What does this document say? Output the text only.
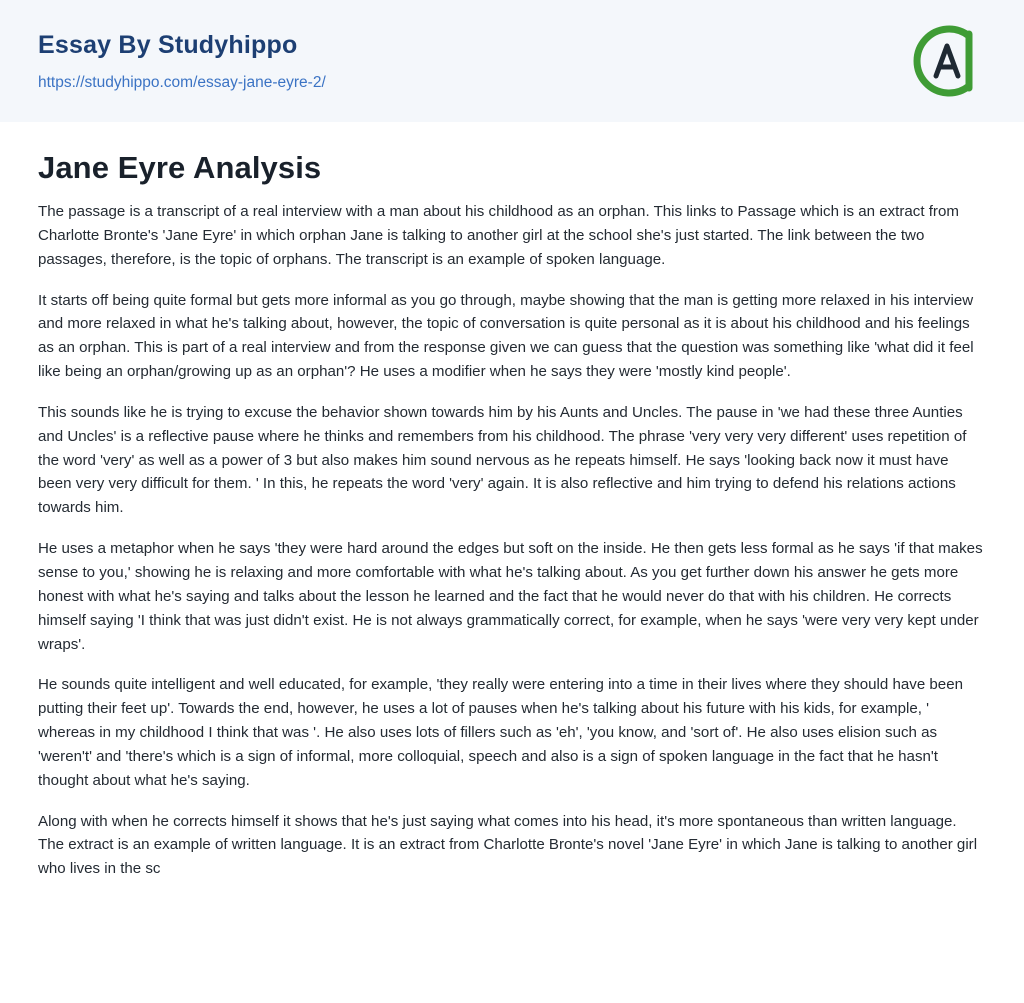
Essay By Studyhippo
https://studyhippo.com/essay-jane-eyre-2/
Jane Eyre Analysis

The passage is a transcript of a real interview with a man about his childhood as an orphan. This links to Passage which is an extract from Charlotte Bronte's 'Jane Eyre' in which orphan Jane is talking to another girl at the school she's just started. The link between the two passages, therefore, is the topic of orphans. The transcript is an example of spoken language.

It starts off being quite formal but gets more informal as you go through, maybe showing that the man is getting more relaxed in his interview and more relaxed in what he's talking about, however, the topic of conversation is quite personal as it is about his childhood and his feelings as an orphan. This is part of a real interview and from the response given we can guess that the question was something like 'what did it feel like being an orphan/growing up as an orphan'? He uses a modifier when he says they were 'mostly kind people'.

This sounds like he is trying to excuse the behavior shown towards him by his Aunts and Uncles. The pause in 'we had these three Aunties and Uncles' is a reflective pause where he thinks and remembers from his childhood. The phrase 'very very very different' uses repetition of the word 'very' as well as a power of 3 but also makes him sound nervous as he repeats himself. He says 'looking back now it must have been very very difficult for them. ' In this, he repeats the word 'very' again. It is also reflective and him trying to defend his relations actions towards him.

He uses a metaphor when he says 'they were hard around the edges but soft on the inside. He then gets less formal as he says 'if that makes sense to you,' showing he is relaxing and more comfortable with what he's talking about. As you get further down his answer he gets more honest with what he's saying and talks about the lesson he learned and the fact that he would never do that with his children. He corrects himself saying 'I think that was just didn't exist. He is not always grammatically correct, for example, when he says 'were very very kept under wraps'.

He sounds quite intelligent and well educated, for example, 'they really were entering into a time in their lives where they should have been putting their feet up'. Towards the end, however, he uses a lot of pauses when he's talking about his future with his kids, for example, ' whereas in my childhood I think that was '. He also uses lots of fillers such as 'eh', 'you know, and 'sort of'. He also uses elision such as 'weren't' and 'there's which is a sign of informal, more colloquial, speech and also is a sign of spoken language in the fact that he hasn't thought about what he's saying.

Along with when he corrects himself it shows that he's just saying what comes into his head, it's more spontaneous than written language. The extract is an example of written language. It is an extract from Charlotte Bronte's novel 'Jane Eyre' in which Jane is talking to another girl who lives in the sc
